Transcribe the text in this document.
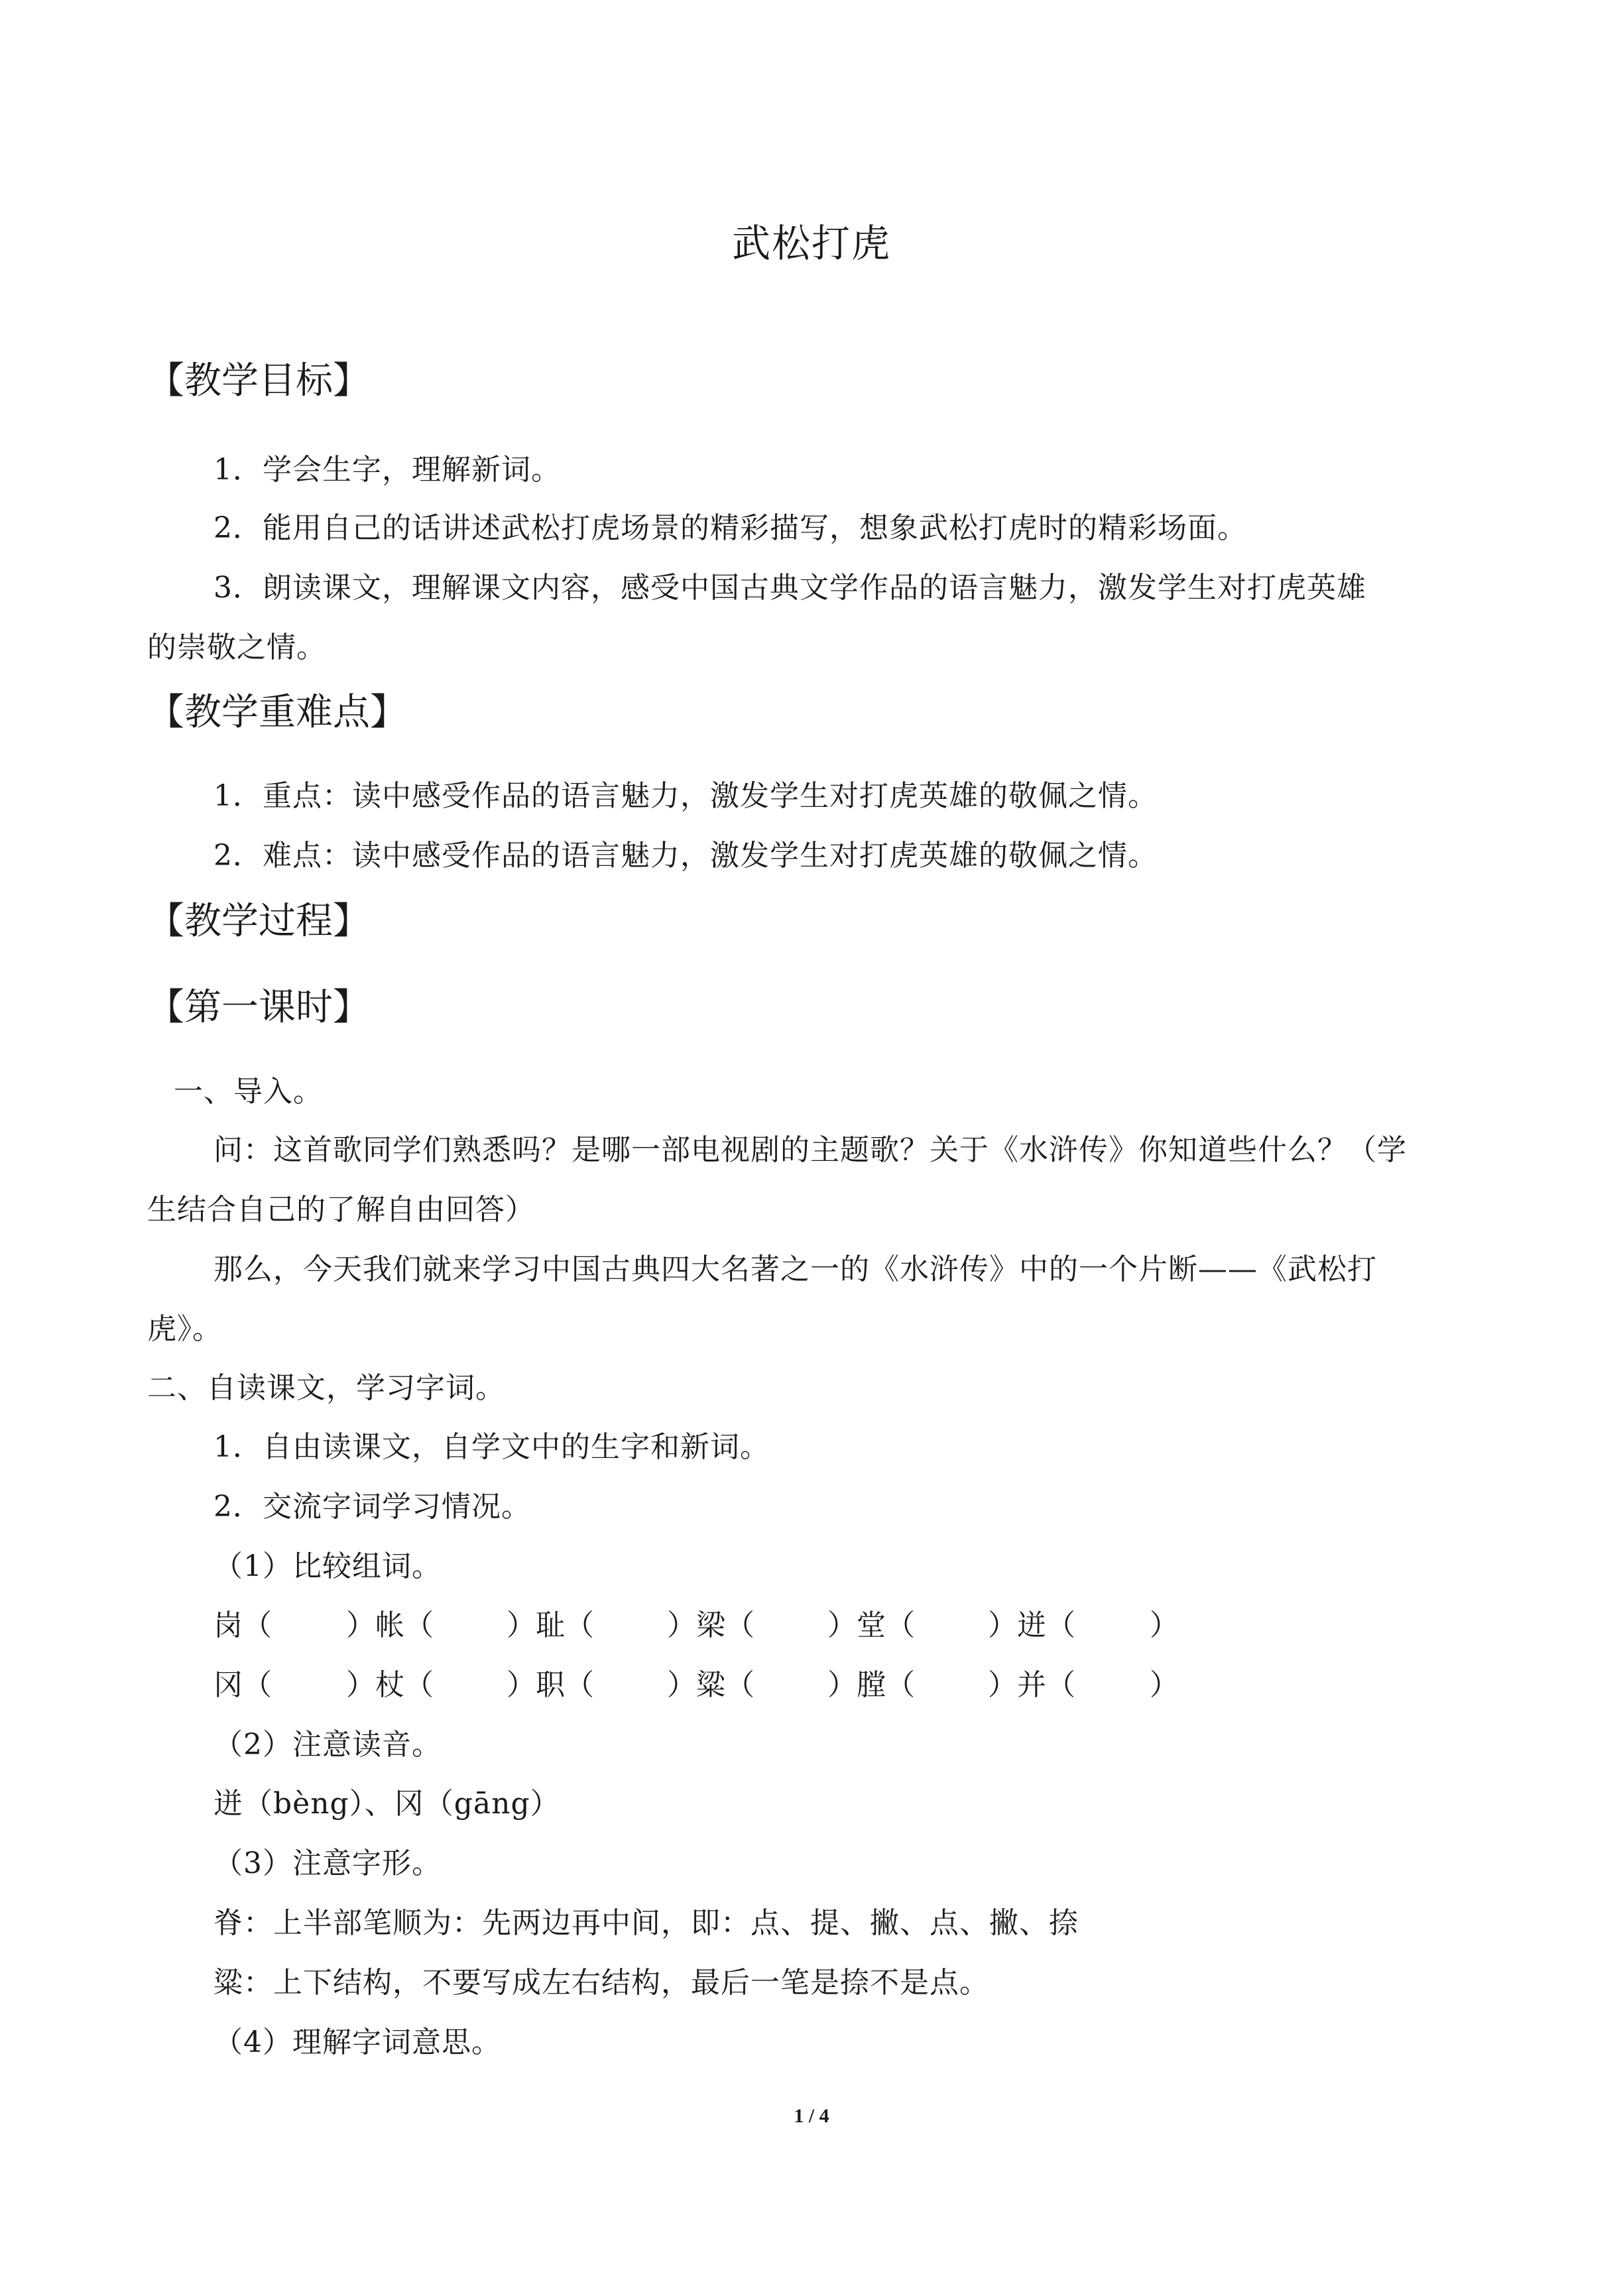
武松打虎
【教学目标】
1．学会生字，理解新词。
2．能用自己的话讲述武松打虎场景的精彩描写，想象武松打虎时的精彩场面。
3．朗读课文，理解课文内容，感受中国古典文学作品的语言魅力，激发学生对打虎英雄
的崇敬之情。
【教学重难点】
1．重点：读中感受作品的语言魅力，激发学生对打虎英雄的敬佩之情。
2．难点：读中感受作品的语言魅力，激发学生对打虎英雄的敬佩之情。
【教学过程】
【第一课时】
一、导入。
问：这首歌同学们熟悉吗？是哪一部电视剧的主题歌？关于《水浒传》你知道些什么？（学
生结合自己的了解自由回答）
那么，今天我们就来学习中国古典四大名著之一的《水浒传》中的一个片断——《武松打
虎》。
二、自读课文，学习字词。
1．自由读课文，自学文中的生字和新词。
2．交流字词学习情况。
（1）比较组词。
岗（	）帐（	）耻（	）梁（	）堂（	）迸（	）
冈（	）杖（	）职（	）粱（	）膛（	）并（	）
（2）注意读音。
迸（bèng）、冈（gāng）
（3）注意字形。
脊：上半部笔顺为：先两边再中间，即：点、提、撇、点、撇、捺
粱：上下结构，不要写成左右结构，最后一笔是捺不是点。
（4）理解字词意思。
1 / 4
